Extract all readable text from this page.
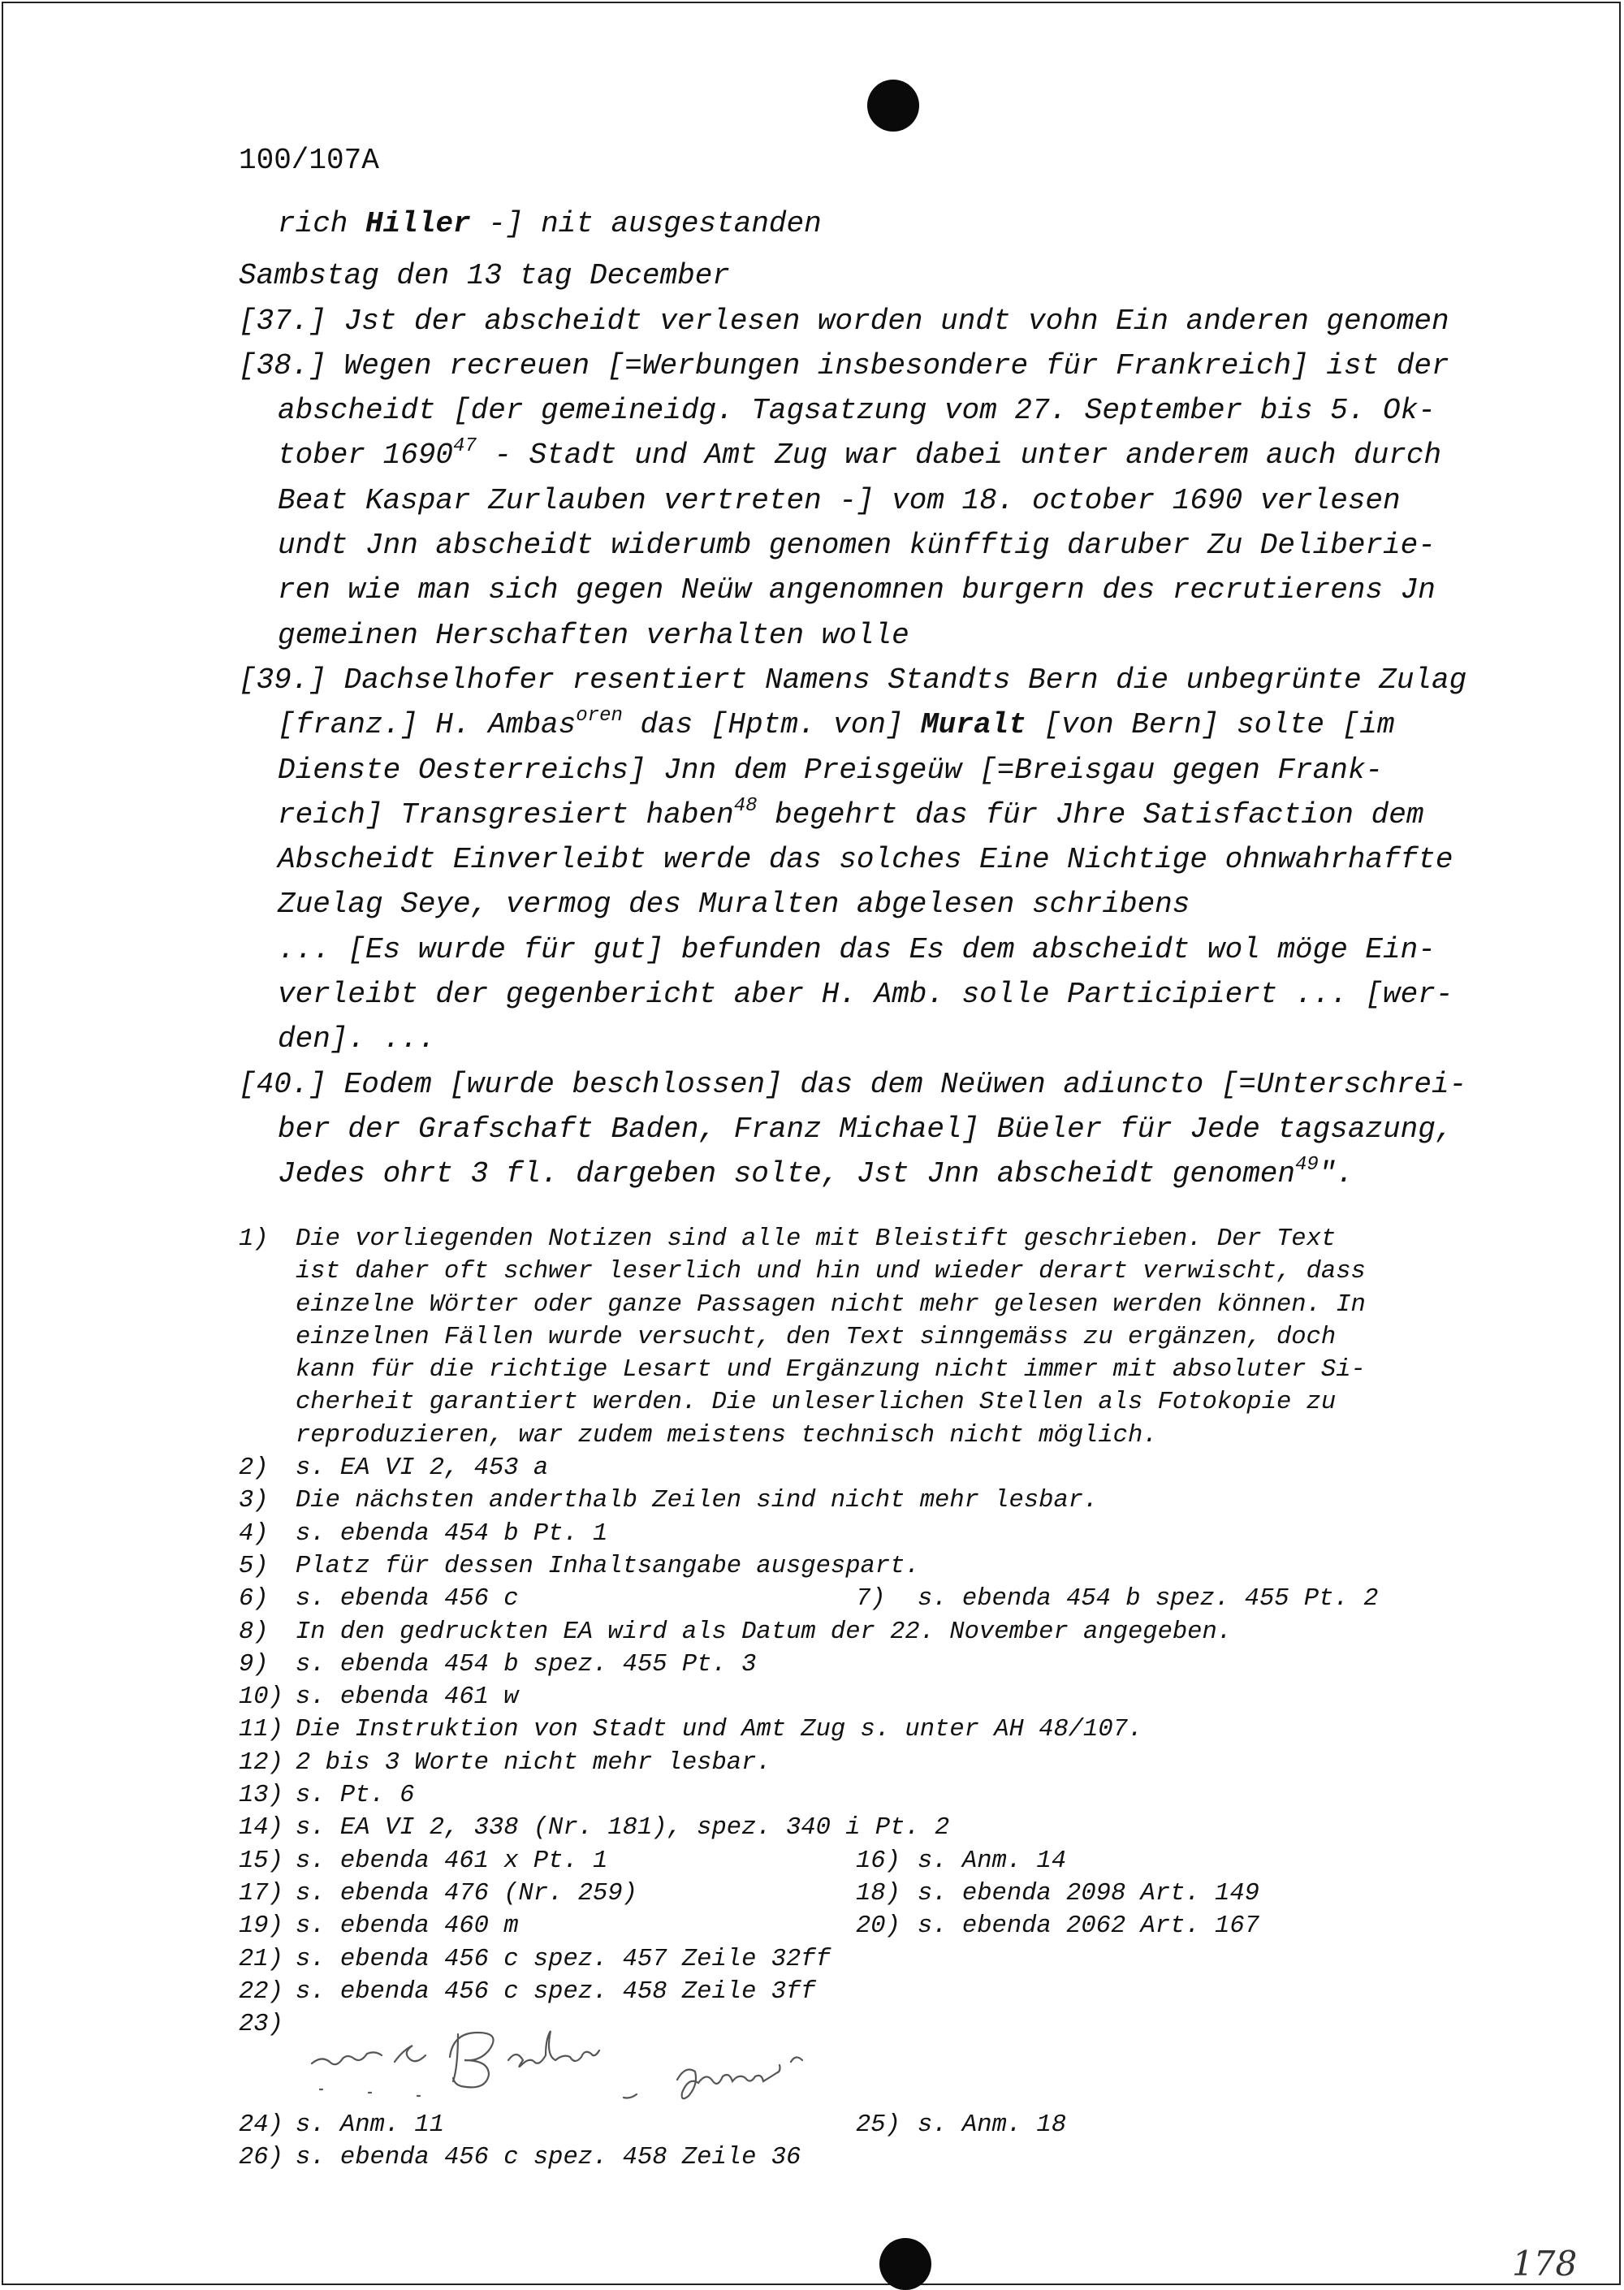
100/107A
rich Hiller -] nit ausgestanden
Sambstag den 13 tag December
[37.] Jst der abscheidt verlesen worden undt vohn Ein anderen genomen
[38.] Wegen recreuen [=Werbungen insbesondere für Frankreich] ist der
abscheidt [der gemeineidg. Tagsatzung vom 27. September bis 5. Ok-
tober 1690$^{47}$ - Stadt und Amt Zug war dabei unter anderem auch durch
Beat Kaspar Zurlauben vertreten -] vom 18. october 1690 verlesen
undt Jnn abscheidt widerumb genomen künfftig daruber Zu Deliberie-
ren wie man sich gegen Neüw angenomnen burgern des recrutierens Jn
gemeinen Herschaften verhalten wolle
[39.] Dachselhofer resentiert Namens Standts Bern die unbegrünte Zulag
[franz.] H. Ambas$^{oren}$ das [Hptm. von] Muralt [von Bern] solte [im
Dienste Oesterreichs] Jnn dem Preisgeüw [=Breisgau gegen Frank-
reich] Transgresiert haben$^{48}$ begehrt das für Jhre Satisfaction dem
Abscheidt Einverleibt werde das solches Eine Nichtige ohnwahrhaffte
Zuelag Seye, vermog des Muralten abgelesen schribens
... [Es wurde für gut] befunden das Es dem abscheidt wol möge Ein-
verleibt der gegenbericht aber H. Amb. solle Participiert ... [wer-
den]. ...
[40.] Eodem [wurde beschlossen] das dem Neüwen adiuncto [=Unterschrei-
ber der Grafschaft Baden, Franz Michael] Büeler für Jede tagsazung,
Jedes ohrt 3 fl. dargeben solte, Jst Jnn abscheidt genomen$^{49}$".
1)	Die vorliegenden Notizen sind alle mit Bleistift geschrieben. Der Text
ist daher oft schwer leserlich und hin und wieder derart verwischt, dass
einzelne Wörter oder ganze Passagen nicht mehr gelesen werden können. In
einzelnen Fällen wurde versucht, den Text sinngemäss zu ergänzen, doch
kann für die richtige Lesart und Ergänzung nicht immer mit absoluter Si-
cherheit garantiert werden. Die unleserlichen Stellen als Fotokopie zu
reproduzieren, war zudem meistens technisch nicht möglich.
2)	s. EA VI 2, 453 a
3)	Die nächsten anderthalb Zeilen sind nicht mehr lesbar.
4)	s. ebenda 454 b Pt. 1
5)	Platz für dessen Inhaltsangabe ausgespart.
6)	s. ebenda 456 c	7) s. ebenda 454 b spez. 455 Pt. 2
8)	In den gedruckten EA wird als Datum der 22. November angegeben.
9)	s. ebenda 454 b spez. 455 Pt. 3
10) s. ebenda 461 w
11) Die Instruktion von Stadt und Amt Zug s. unter AH 48/107.
12) 2 bis 3 Worte nicht mehr lesbar.
13) s. Pt. 6
14) s. EA VI 2, 338 (Nr. 181), spez. 340 i Pt. 2
15) s. ebenda 461 x Pt. 1	16) s. Anm. 14
17) s. ebenda 476 (Nr. 259)	18) s. ebenda 2098 Art. 149
19) s. ebenda 460 m	20) s. ebenda 2062 Art. 167
21) s. ebenda 456 c spez. 457 Zeile 32ff
22) s. ebenda 456 c spez. 458 Zeile 3ff
23)
24) s. Anm. 11	25) s. Anm. 18
26) s. ebenda 456 c spez. 458 Zeile 36
178
